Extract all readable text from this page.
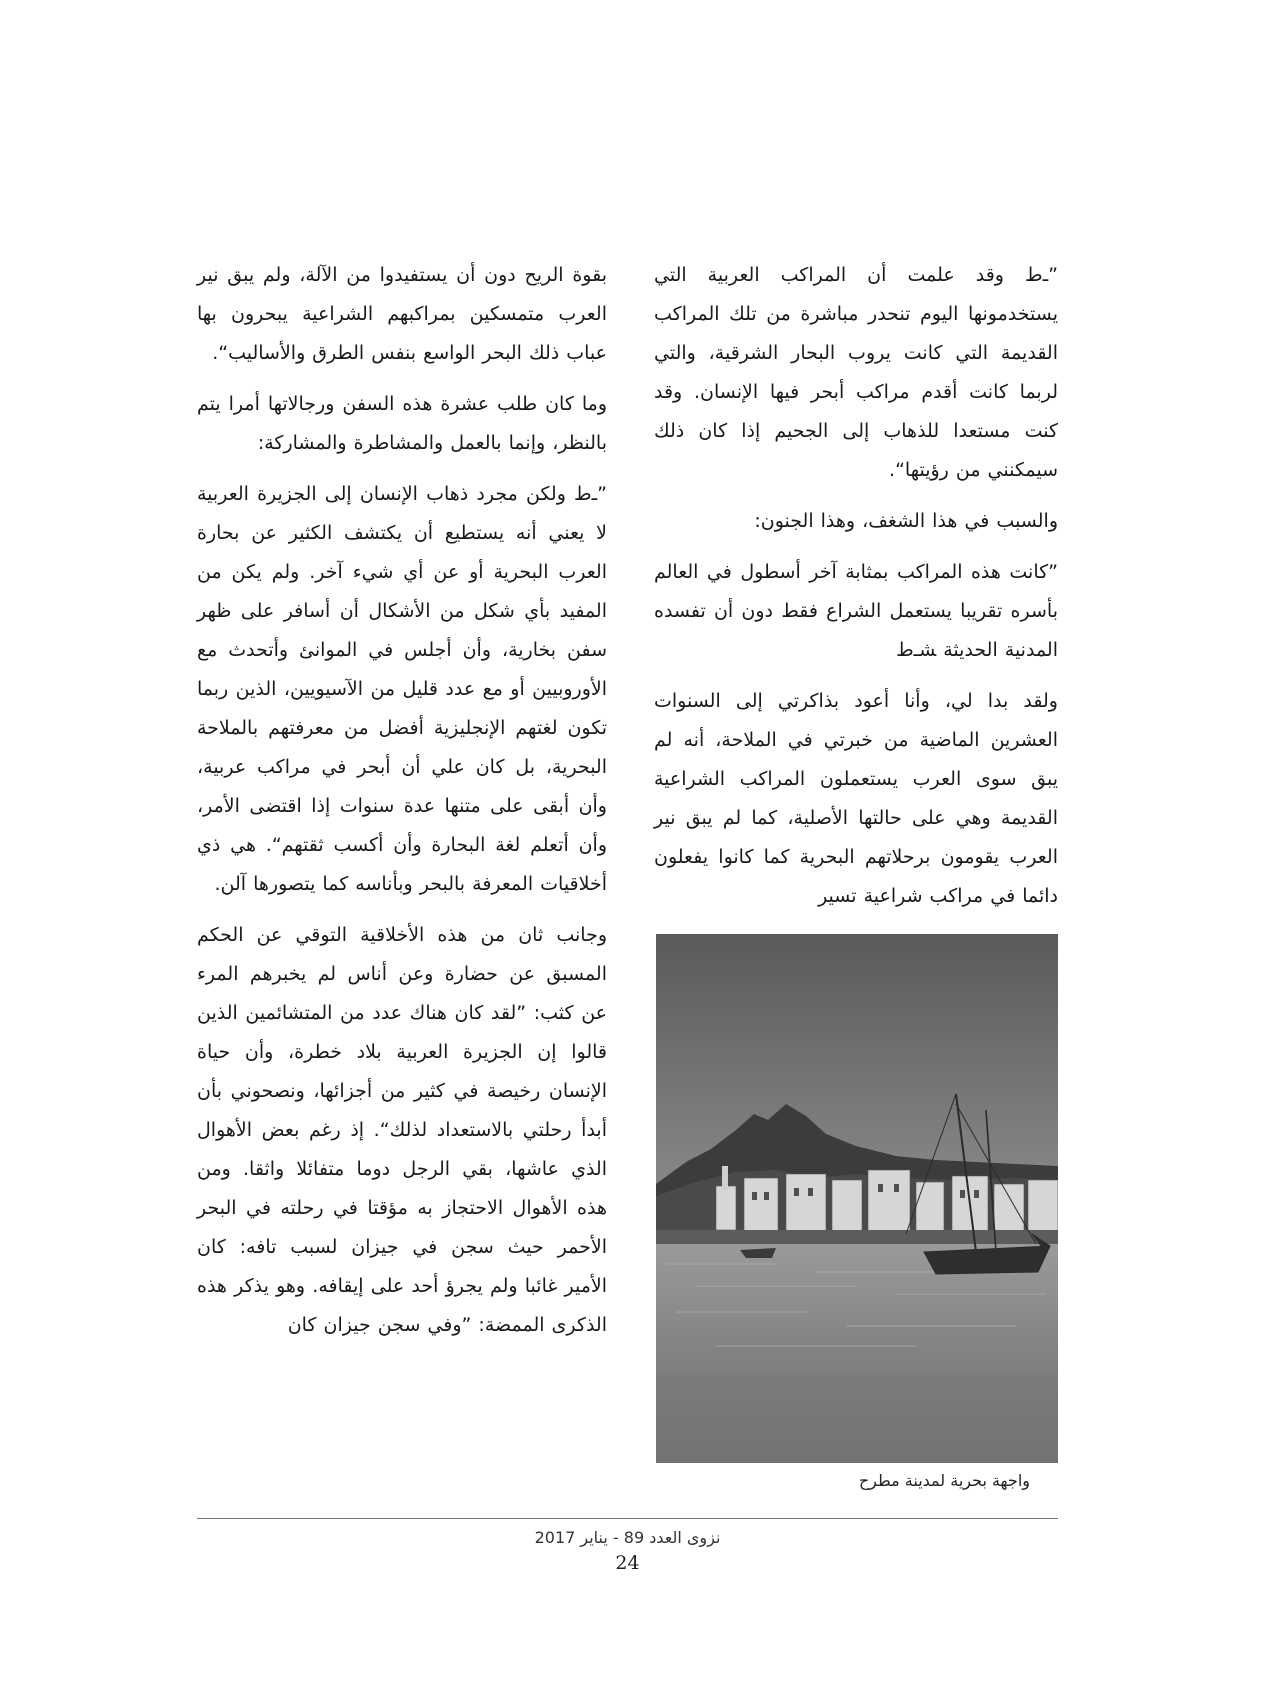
”ـﻁ وقد علمت أن المراكب العربية التي يستخدمونها اليوم تنحدر مباشرة من تلك المراكب القديمة التي كانت يروب البحار الشرقية، والتي لربما كانت أقدم مراكب أبحر فيها الإنسان. وقد كنت مستعدا للذهاب إلى الجحيم إذا كان ذلك سيمكنني من رؤيتها“.

والسبب في هذا الشغف، وهذا الجنون:

”كانت هذه المراكب بمثابة آخر أسطول في العالم بأسره تقريبا يستعمل الشراع فقط دون أن تفسده المدنية الحديثة ﺸـﻁ

ولقد بدا لي، وأنا أعود بذاكرتي إلى السنوات العشرين الماضية من خبرتي في الملاحة، أنه لم يبق سوى العرب يستعملون المراكب الشراعية القديمة وهي على حالتها الأصلية، كما لم يبق نير العرب يقومون برحلاتهم البحرية كما كانوا يفعلون دائما في مراكب شراعية تسير

بقوة الريح دون أن يستفيدوا من الآلة، ولم يبق نير العرب متمسكين بمراكبهم الشراعية يبحرون بها عباب ذلك البحر الواسع بنفس الطرق والأساليب“.

وما كان طلب عشرة هذه السفن ورجالاتها أمرا يتم بالنظر، وإنما بالعمل والمشاطرة والمشاركة:

”ـﻁ ولكن مجرد ذهاب الإنسان إلى الجزيرة العربية لا يعني أنه يستطيع أن يكتشف الكثير عن بحارة العرب البحرية أو عن أي شيء آخر. ولم يكن من المفيد بأي شكل من الأشكال أن أسافر على ظهر سفن بخارية، وأن أجلس في الموانئ وأتحدث مع الأوروبيين أو مع عدد قليل من الآسيويين، الذين ربما تكون لغتهم الإنجليزية أفضل من معرفتهم بالملاحة البحرية، بل كان علي أن أبحر في مراكب عربية، وأن أبقى على متنها عدة سنوات إذا اقتضى الأمر، وأن أتعلم لغة البحارة وأن أكسب ثقتهم“. هي ذي أخلاقيات المعرفة بالبحر وبأناسه كما يتصورها آلن.

وجانب ثان من هذه الأخلاقية التوقي عن الحكم المسبق عن حضارة وعن أناس لم يخبرهم المرء عن كثب: ”لقد كان هناك عدد من المتشائمين الذين قالوا إن الجزيرة العربية بلاد خطرة، وأن حياة الإنسان رخيصة في كثير من أجزائها، ونصحوني بأن أبدأ رحلتي بالاستعداد لذلك“. إذ رغم بعض الأهوال الذي عاشها، بقي الرجل دوما متفائلا واثقا. ومن هذه الأهوال الاحتجاز به مؤقتا في رحلته في البحر الأحمر حيث سجن في جيزان لسبب تافه: كان الأمير غائبا ولم يجرؤ أحد على إيقافه. وهو يذكر هذه الذكرى الممضة: ”وفي سجن جيزان كان

واجهة بحرية لمدينة مطرح
نزوى العدد 89 - يناير 2017
24
